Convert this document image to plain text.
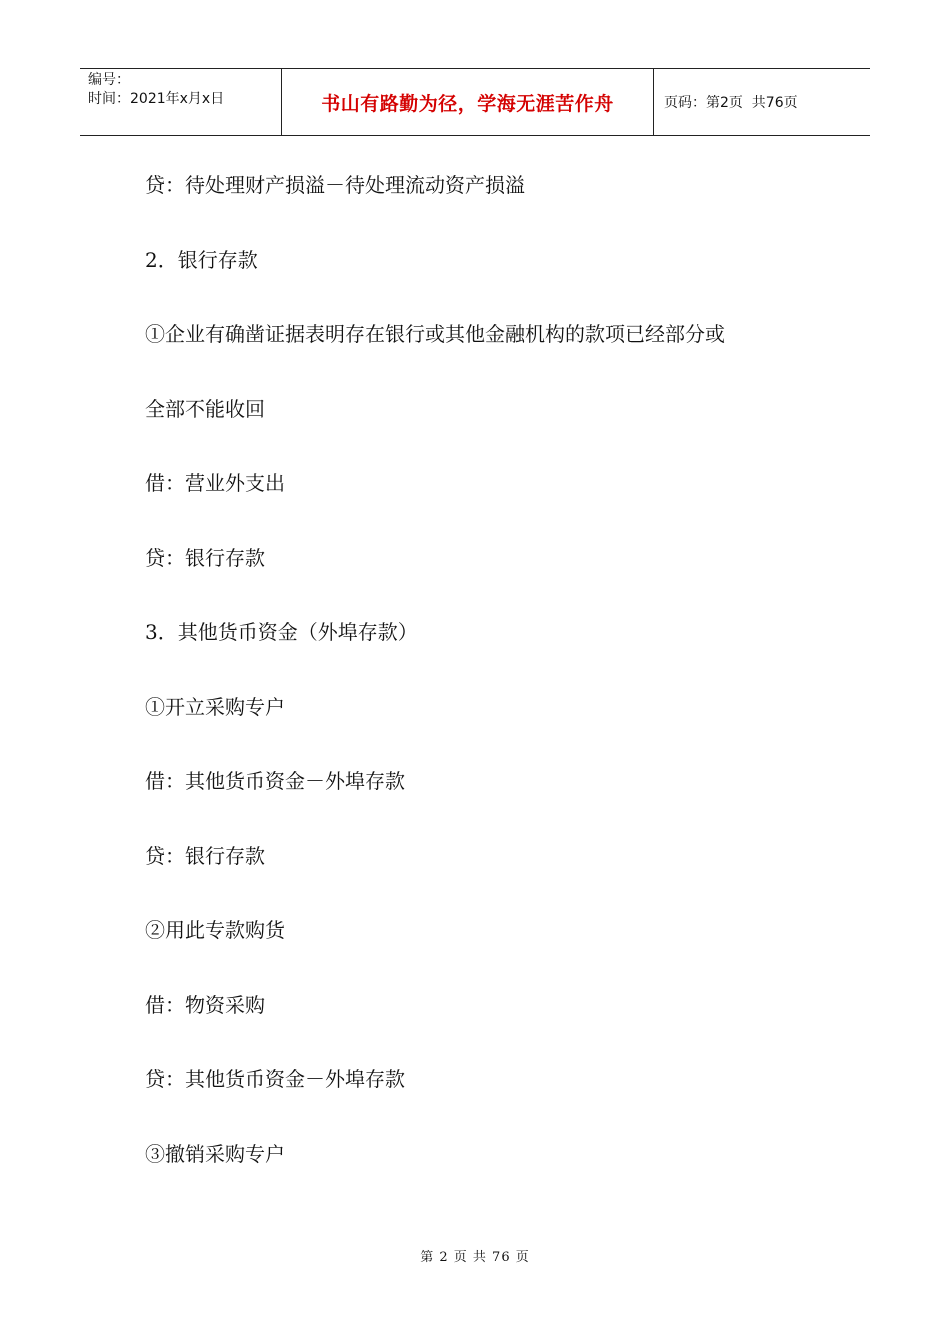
编号：
时间：2021年x月x日	书山有路勤为径，学海无涯苦作舟	页码：第2页  共76页
贷：待处理财产损溢－待处理流动资产损溢
2．银行存款
①企业有确凿证据表明存在银行或其他金融机构的款项已经部分或
全部不能收回
借：营业外支出
贷：银行存款
3．其他货币资金（外埠存款）
①开立采购专户
借：其他货币资金－外埠存款
贷：银行存款
②用此专款购货
借：物资采购
贷：其他货币资金－外埠存款
③撤销采购专户
第 2 页 共 76 页
